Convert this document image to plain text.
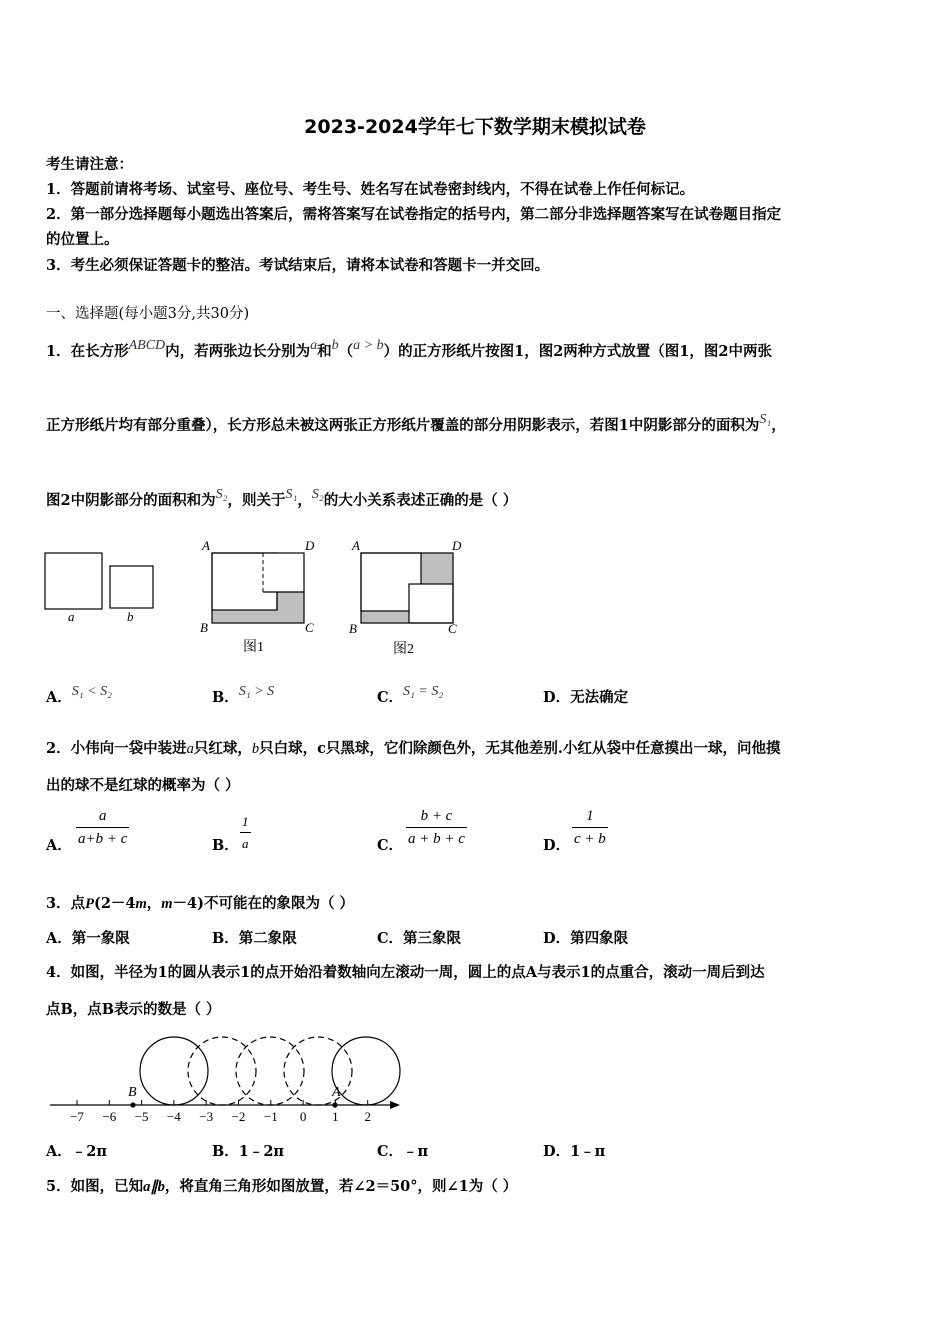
2023-2024学年七下数学期末模拟试卷
考生请注意：
1．答题前请将考场、试室号、座位号、考生号、姓名写在试卷密封线内，不得在试卷上作任何标记。
2．第一部分选择题每小题选出答案后，需将答案写在试卷指定的括号内，第二部分非选择题答案写在试卷题目指定
的位置上。
3．考生必须保证答题卡的整洁。考试结束后，请将本试卷和答题卡一并交回。
一、选择题(每小题3分,共30分)
1．在长方形ABCD内，若两张边长分别为a和b（a > b）的正方形纸片按图1，图2两种方式放置（图1，图2中两张
正方形纸片均有部分重叠），长方形总未被这两张正方形纸片覆盖的部分用阴影表示，若图1中阴影部分的面积为S₁，
图2中阴影部分的面积和为S₂，则关于S₁，S₂的大小关系表述正确的是（ ）
a	b
A	D
B	C
图1
A	D
B	C
图2
A．S₁ < S₂	B．S₁ > S	C．S₁ = S₂	D．无法确定
2．小伟向一袋中装进a只红球，b只白球，c只黑球，它们除颜色外，无其他差别.小红从袋中任意摸出一球，问他摸
出的球不是红球的概率为（ ）
A． $\frac{a}{a+b + c}$	B． $\frac{1}{a}$	C． $\frac{b + c}{a + b + c}$	D． $\frac{1}{c + b}$
3．点P(2－4m，m－4)不可能在的象限为（ ）
A．第一象限	B．第二象限	C．第三象限	D．第四象限
4．如图，半径为1的圆从表示1的点开始沿着数轴向左滚动一周，圆上的点A与表示1的点重合，滚动一周后到达
点B，点B表示的数是（ ）
−7 −6 −5 −4 −3 −2 −1 0 1 2
B	A
A．﹣2π	B．1﹣2π	C．﹣π	D．1﹣π
5．如图，已知a∥b，将直角三角形如图放置，若∠2＝50°，则∠1为（ ）
